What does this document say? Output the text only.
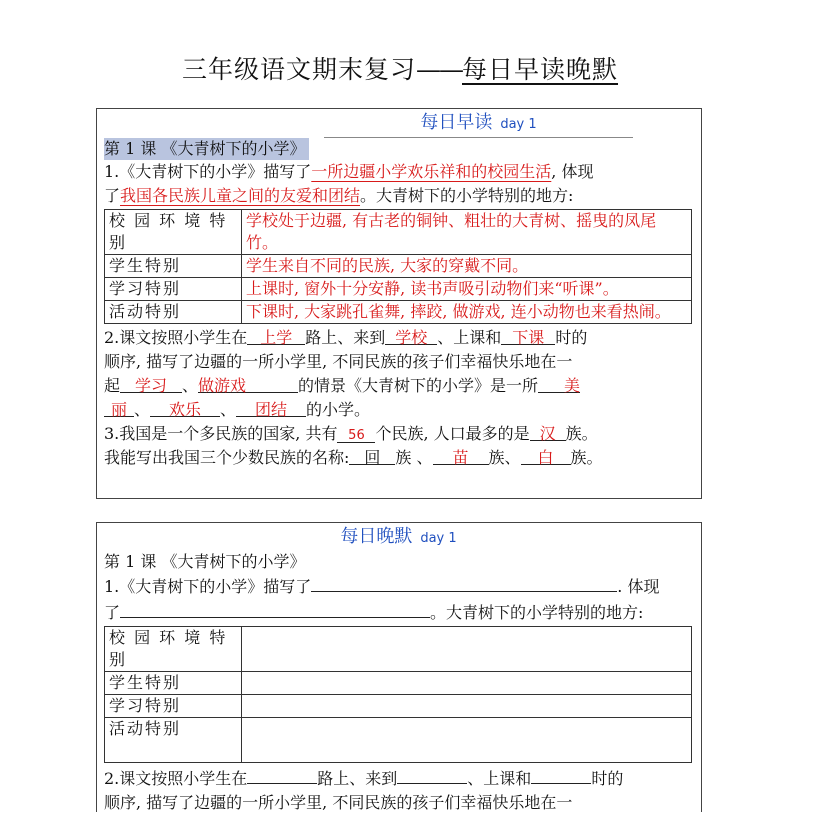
三年级语文期末复习——每日早读晚默
每日早读 day 1
第 1 课 《大青树下的小学》
1.《大青树下的小学》描写了一所边疆小学欢乐祥和的校园生活, 体现
了我国各民族儿童之间的友爱和团结。大青树下的小学特别的地方:
校 园 环 境 特 别	学校处于边疆, 有古老的铜钟、粗壮的大青树、摇曳的凤尾竹。
学生特别	学生来自不同的民族, 大家的穿戴不同。
学习特别	上课时, 窗外十分安静, 读书声吸引动物们来“听课”。
活动特别	下课时, 大家跳孔雀舞, 摔跤, 做游戏, 连小动物也来看热闹。
2.课文按照小学生在 上学 路上、来到 学校 、上课和 下课 时的
顺序, 描写了边疆的一所小学里, 不同民族的孩子们幸福快乐地在一
起 学习 、做游戏	的情景《大青树下的小学》是一所 美
丽 、 欢乐 、 团结 的小学。
3.我国是一个多民族的国家, 共有 56 个民族, 人口最多的是 汉 族。
我能写出我国三个少数民族的名称: 回 族 、 苗 族、 白 族。
每日晚默 day 1
第 1 课 《大青树下的小学》
1.《大青树下的小学》描写了	. 体现
了	。大青树下的小学特别的地方:
校 园 环 境 特 别	
学生特别	
学习特别	
活动特别	
2.课文按照小学生在	路上、来到	、上课和	时的
顺序, 描写了边疆的一所小学里, 不同民族的孩子们幸福快乐地在一
